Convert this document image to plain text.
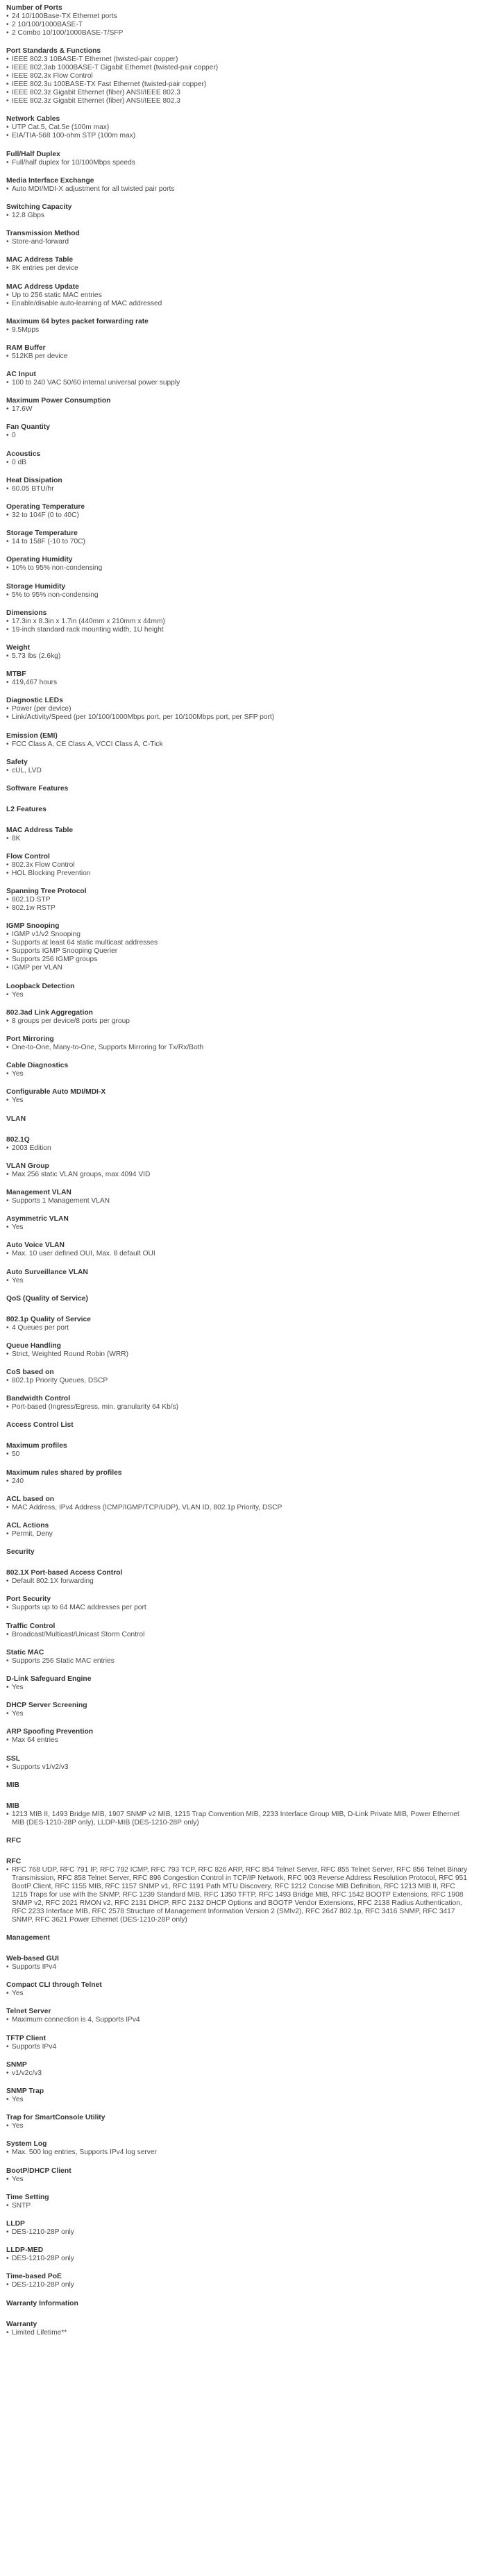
Number of Ports
• 24 10/100Base-TX Ethernet ports
• 2 10/100/1000BASE-T
• 2 Combo 10/100/1000BASE-T/SFP
Port Standards & Functions
• IEEE 802.3 10BASE-T Ethernet (twisted-pair copper)
• IEEE 802.3ab 1000BASE-T Gigabit Ethernet (twisted-pair copper)
• IEEE 802.3x Flow Control
• IEEE 802.3u 100BASE-TX Fast Ethernet (twisted-pair copper)
• IEEE 802.3z Gigabit Ethernet (fiber) ANSI/IEEE 802.3
• IEEE 802.3z Gigabit Ethernet (fiber) ANSI/IEEE 802.3
Network Cables
• UTP Cat.5, Cat.5e (100m max)
• EIA/TIA-568 100-ohm STP (100m max)
Full/Half Duplex
• Full/half duplex for 10/100Mbps speeds
Media Interface Exchange
• Auto MDI/MDI-X adjustment for all twisted pair ports
Switching Capacity
• 12.8 Gbps
Transmission Method
• Store-and-forward
MAC Address Table
• 8K entries per device
MAC Address Update
• Up to 256 static MAC entries
• Enable/disable auto-learning of MAC addressed
Maximum 64 bytes packet forwarding rate
• 9.5Mpps
RAM Buffer
• 512KB per device
AC Input
• 100 to 240 VAC 50/60 internal universal power supply
Maximum Power Consumption
• 17.6W
Fan Quantity
• 0
Acoustics
• 0 dB
Heat Dissipation
• 60.05 BTU/hr
Operating Temperature
• 32 to 104F (0 to 40C)
Storage Temperature
• 14 to 158F (-10 to 70C)
Operating Humidity
• 10% to 95% non-condensing
Storage Humidity
• 5% to 95% non-condensing
Dimensions
• 17.3in x 8.3in x 1.7in (440mm x 210mm x 44mm)
• 19-inch standard rack mounting width, 1U height
Weight
• 5.73 lbs (2.6kg)
MTBF
• 419,467 hours
Diagnostic LEDs
• Power (per device)
• Link/Activity/Speed (per 10/100/1000Mbps port, per 10/100Mbps port, per SFP port)
Emission (EMI)
• FCC Class A, CE Class A, VCCI Class A, C-Tick
Safety
• cUL, LVD
Software Features
L2 Features
MAC Address Table
• 8K
Flow Control
• 802.3x Flow Control
• HOL Blocking Prevention
Spanning Tree Protocol
• 802.1D STP
• 802.1w RSTP
IGMP Snooping
• IGMP v1/v2 Snooping
• Supports at least 64 static multicast addresses
• Supports IGMP Snooping Querier
• Supports 256 IGMP groups
• IGMP per VLAN
Loopback Detection
• Yes
802.3ad Link Aggregation
• 8 groups per device/8 ports per group
Port Mirroring
• One-to-One, Many-to-One, Supports Mirroring for Tx/Rx/Both
Cable Diagnostics
• Yes
Configurable Auto MDI/MDI-X
• Yes
VLAN
802.1Q
• 2003 Edition
VLAN Group
• Max 256 static VLAN groups, max 4094 VID
Management VLAN
• Supports 1 Management VLAN
Asymmetric VLAN
• Yes
Auto Voice VLAN
• Max. 10 user defined OUI, Max. 8 default OUI
Auto Surveillance VLAN
• Yes
QoS (Quality of Service)
802.1p Quality of Service
• 4 Queues per port
Queue Handling
• Strict, Weighted Round Robin (WRR)
CoS based on
• 802.1p Priority Queues, DSCP
Bandwidth Control
• Port-based (Ingress/Egress, min. granularity 64 Kb/s)
Access Control List
Maximum profiles
• 50
Maximum rules shared by profiles
• 240
ACL based on
• MAC Address, IPv4 Address (ICMP/IGMP/TCP/UDP), VLAN ID, 802.1p Priority, DSCP
ACL Actions
• Permit, Deny
Security
802.1X Port-based Access Control
• Default 802.1X forwarding
Port Security
• Supports up to 64 MAC addresses per port
Traffic Control
• Broadcast/Multicast/Unicast Storm Control
Static MAC
• Supports 256 Static MAC entries
D-Link Safeguard Engine
• Yes
DHCP Server Screening
• Yes
ARP Spoofing Prevention
• Max 64 entries
SSL
• Supports v1/v2/v3
MIB
MIB
• 1213 MIB II, 1493 Bridge MIB, 1907 SNMP v2 MIB, 1215 Trap Convention MIB, 2233 Interface Group MIB, D-Link Private MIB, Power Ethernet MIB (DES-1210-28P only), LLDP-MIB (DES-1210-28P only)
RFC
RFC
• RFC 768 UDP, RFC 791 IP, RFC 792 ICMP, RFC 793 TCP, RFC 826 ARP, RFC 854 Telnet Server, RFC 855 Telnet Server, RFC 856 Telnet Binary Transmission, RFC 858 Telnet Server, RFC 896 Congestion Control in TCP/IP Network, RFC 903 Reverse Address Resolution Protocol, RFC 951 BootP Client, RFC 1155 MIB, RFC 1157 SNMP v1, RFC 1191 Path MTU Discovery, RFC 1212 Concise MIB Definition, RFC 1213 MIB II, RFC 1215 Traps for use with the SNMP, RFC 1239 Standard MIB, RFC 1350 TFTP, RFC 1493 Bridge MIB, RFC 1542 BOOTP Extensions, RFC 1908 SNMP v2, RFC 2021 RMON v2, RFC 2131 DHCP, RFC 2132 DHCP Options and BOOTP Vendor Extensions, RFC 2138 Radius Authentication, RFC 2233 Interface MIB, RFC 2578 Structure of Management Information Version 2 (SMIv2), RFC 2647 802.1p, RFC 3416 SNMP, RFC 3417 SNMP, RFC 3621 Power Ethernet (DES-1210-28P only)
Management
Web-based GUI
• Supports IPv4
Compact CLI through Telnet
• Yes
Telnet Server
• Maximum connection is 4, Supports IPv4
TFTP Client
• Supports IPv4
SNMP
• v1/v2c/v3
SNMP Trap
• Yes
Trap for SmartConsole Utility
• Yes
System Log
• Max. 500 log entries, Supports IPv4 log server
BootP/DHCP Client
• Yes
Time Setting
• SNTP
LLDP
• DES-1210-28P only
LLDP-MED
• DES-1210-28P only
Time-based PoE
• DES-1210-28P only
Warranty Information
Warranty
• Limited Lifetime**
